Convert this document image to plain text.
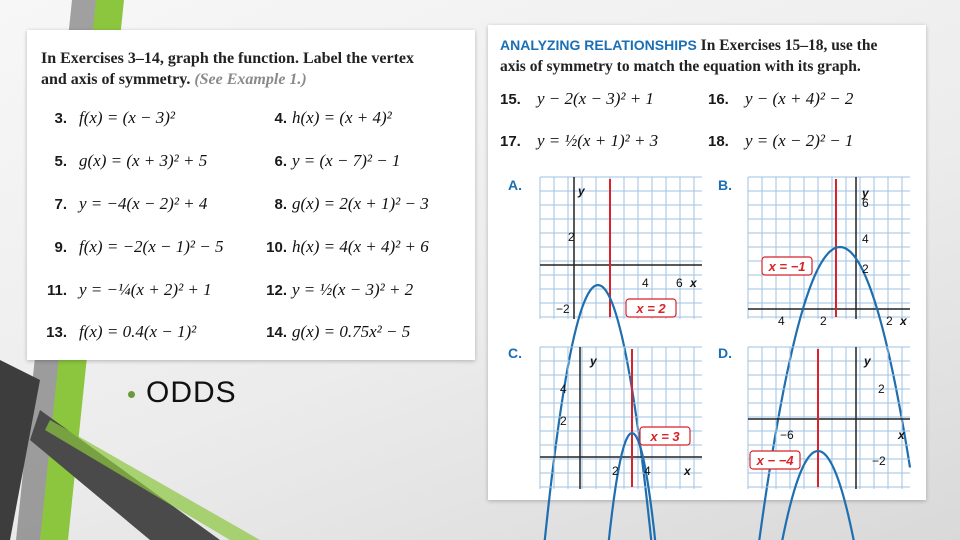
In Exercises 3–14, graph the function. Label the vertex
and axis of symmetry. (See Example 1.)
3. f(x) = (x − 3)²	4. h(x) = (x + 4)²
5. g(x) = (x + 3)² + 5	6. y = (x − 7)² − 1
7. y = −4(x − 2)² + 4	8. g(x) = 2(x + 1)² − 3
9. f(x) = −2(x − 1)² − 5	10. h(x) = 4(x + 4)² + 6
11. y = −¼(x + 2)² + 1	12. y = ½(x − 3)² + 2
13. f(x) = 0.4(x − 1)²	14. g(x) = 0.75x² − 5
ODDS
ANALYZING RELATIONSHIPS In Exercises 15–18, use the
axis of symmetry to match the equation with its graph.
15. y − 2(x − 3)² + 1	16. y − (x + 4)² − 2
17. y = ½(x + 1)² + 3	18. y = (x − 2)² − 1
A.	y
2
4 6 x
−2	x = 2
B.	y
6
4
2
4	2	2 x
x = −1
C.	y
4
2
2 4	x
x = 3
D.	y
2
−6	x
−2
x − −4
